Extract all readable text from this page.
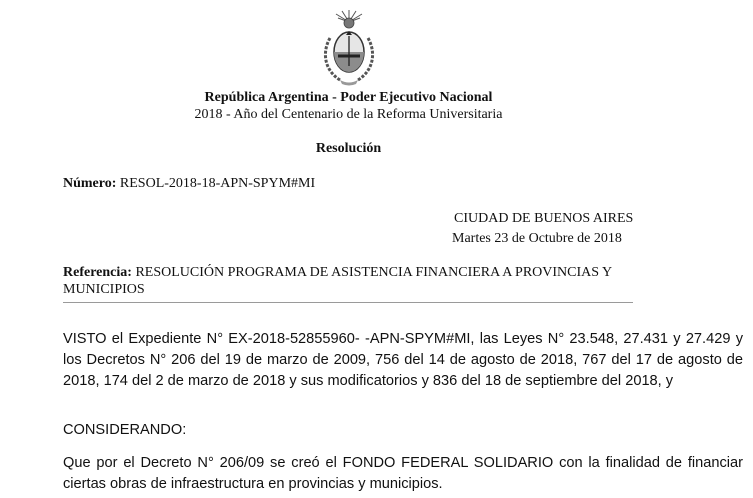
República Argentina - Poder Ejecutivo Nacional
2018 - Año del Centenario de la Reforma Universitaria
Resolución
Número: RESOL-2018-18-APN-SPYM#MI
CIUDAD DE BUENOS AIRES
Martes 23 de Octubre de 2018
Referencia: RESOLUCIÓN PROGRAMA DE ASISTENCIA FINANCIERA A PROVINCIAS Y MUNICIPIOS

VISTO el Expediente N° EX-2018-52855960- -APN-SPYM#MI, las Leyes N° 23.548, 27.431 y 27.429 y los Decretos N° 206 del 19 de marzo de 2009, 756 del 14 de agosto de 2018, 767 del 17 de agosto de 2018, 174 del 2 de marzo de 2018 y sus modificatorios y 836 del 18 de septiembre del 2018, y

CONSIDERANDO:

Que por el Decreto N° 206/09 se creó el FONDO FEDERAL SOLIDARIO con la finalidad de financiar ciertas obras de infraestructura en provincias y municipios.
